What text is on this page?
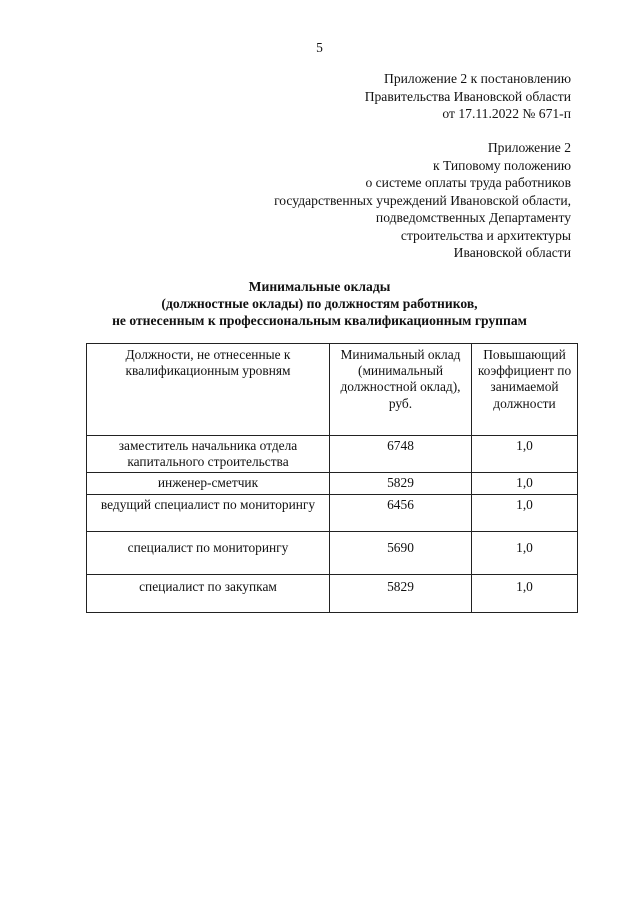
5
Приложение 2 к постановлению
Правительства Ивановской области
от 17.11.2022 № 671-п
Приложение 2
к Типовому положению
о системе оплаты труда работников
государственных учреждений Ивановской области,
подведомственных Департаменту
строительства и архитектуры
Ивановской области
Минимальные оклады
(должностные оклады) по должностям работников,
не отнесенным к профессиональным квалификационным группам
Должности, не отнесенные к квалификационным уровням	Минимальный оклад (минимальный должностной оклад), руб.	Повышающий коэффициент по занимаемой должности
заместитель начальника отдела капитального строительства	6748	1,0
инженер-сметчик	5829	1,0
ведущий специалист по мониторингу	6456	1,0
специалист по мониторингу	5690	1,0
специалист по закупкам	5829	1,0
